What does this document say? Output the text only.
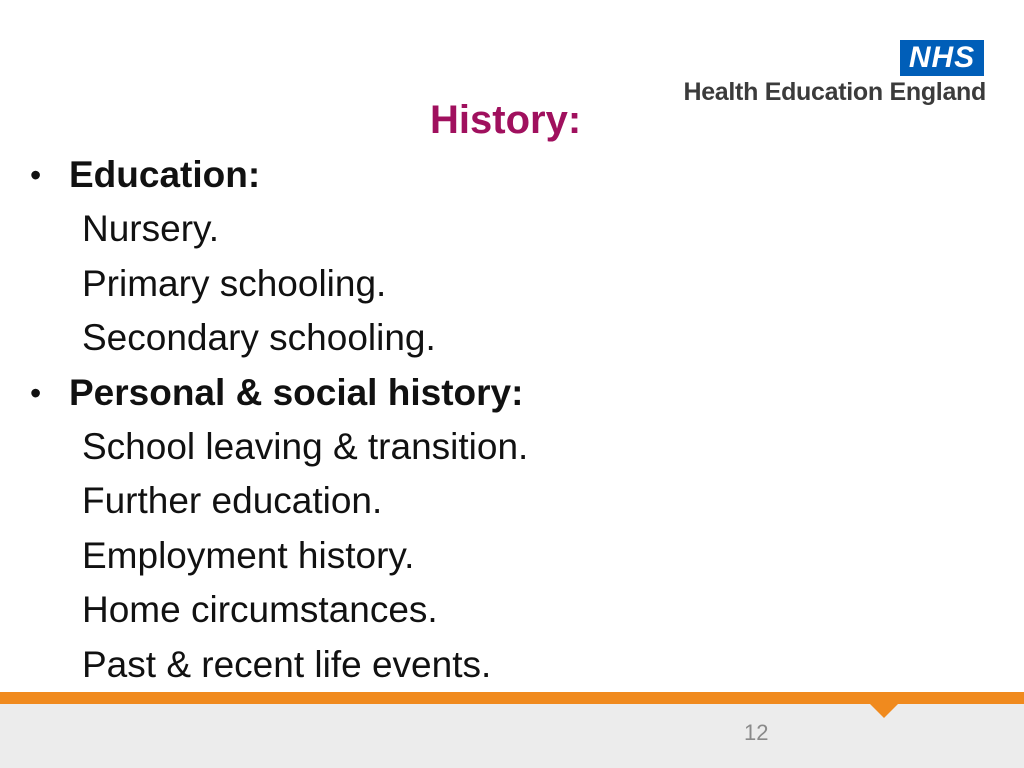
NHS
Health Education England
History:
• Education:
Nursery.
Primary schooling.
Secondary schooling.
• Personal & social history:
School leaving & transition.
Further education.
Employment history.
Home circumstances.
Past & recent life events.
12
